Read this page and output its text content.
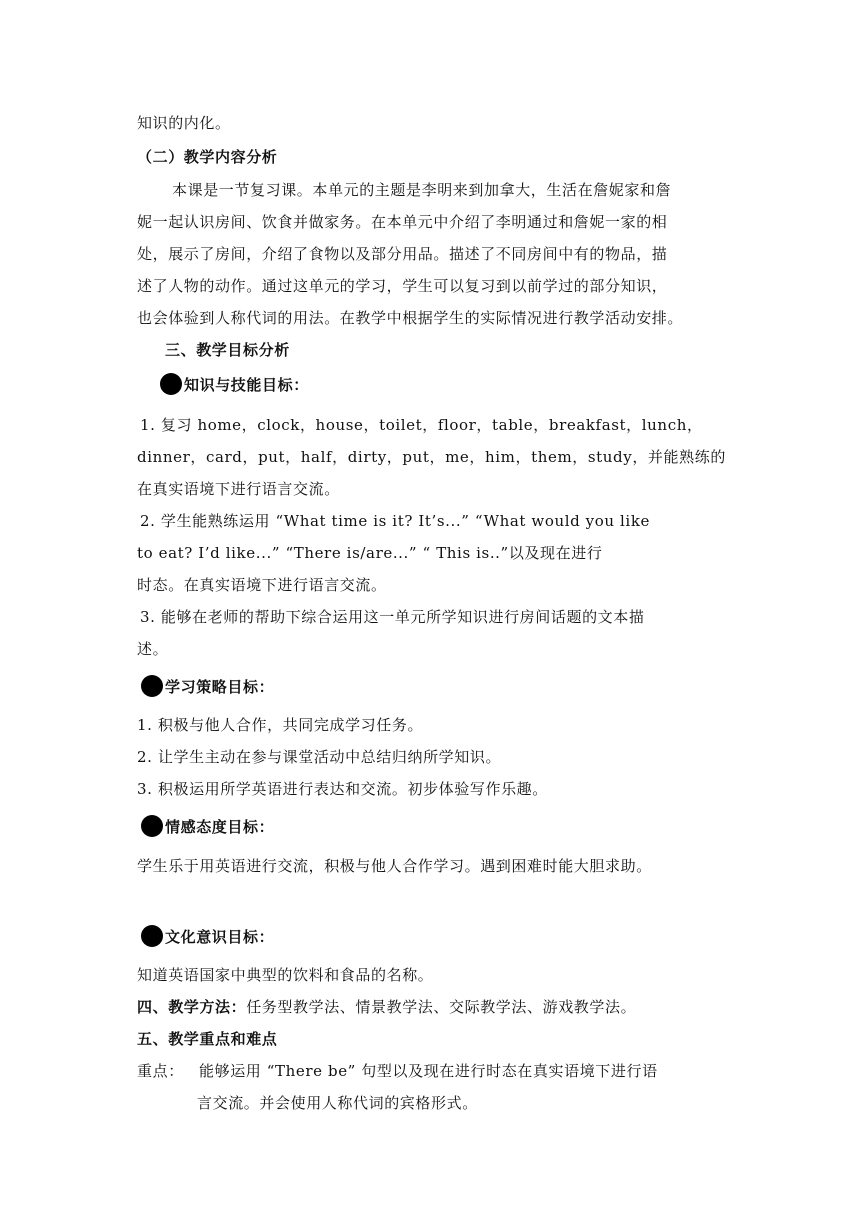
知识的内化。
（二）教学内容分析
本课是一节复习课。本单元的主题是李明来到加拿大，生活在詹妮家和詹
妮一起认识房间、饮食并做家务。在本单元中介绍了李明通过和詹妮一家的相
处，展示了房间，介绍了食物以及部分用品。描述了不同房间中有的物品，描
述了人物的动作。通过这单元的学习，学生可以复习到以前学过的部分知识，
也会体验到人称代词的用法。在教学中根据学生的实际情况进行教学活动安排。
三、教学目标分析
知识与技能目标：
1. 复习 home，clock，house，toilet，floor，table，breakfast，lunch，
dinner，card，put，half，dirty，put，me，him，them，study，并能熟练的
在真实语境下进行语言交流。
2. 学生能熟练运用 “What time is it? It’s...” “What would you like
to eat? I’d like...” “There is/are...” “ This is..”以及现在进行
时态。在真实语境下进行语言交流。
3. 能够在老师的帮助下综合运用这一单元所学知识进行房间话题的文本描
述。
学习策略目标：
1. 积极与他人合作，共同完成学习任务。
2. 让学生主动在参与课堂活动中总结归纳所学知识。
3. 积极运用所学英语进行表达和交流。初步体验写作乐趣。
情感态度目标：
学生乐于用英语进行交流，积极与他人合作学习。遇到困难时能大胆求助。
文化意识目标：
知道英语国家中典型的饮料和食品的名称。
四、教学方法：任务型教学法、情景教学法、交际教学法、游戏教学法。
五、教学重点和难点
重点： 能够运用 “There be” 句型以及现在进行时态在真实语境下进行语
言交流。并会使用人称代词的宾格形式。
